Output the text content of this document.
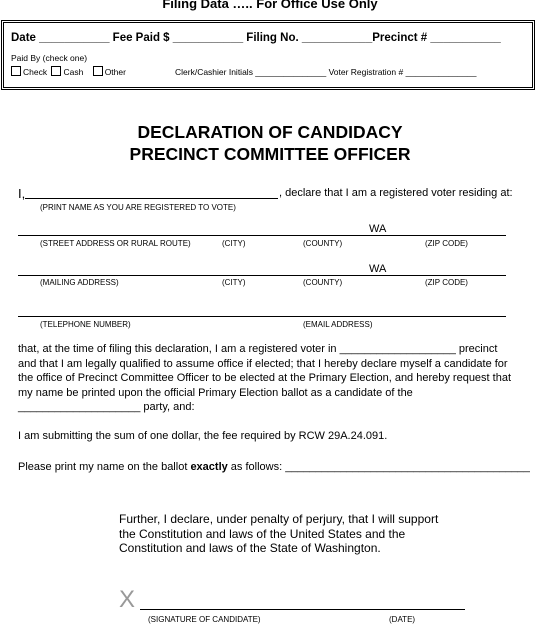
Filing Data ….. For Office Use Only
Date ___________ Fee Paid $ ___________ Filing No. ___________Precinct # ___________
Paid By (check one)
Check Cash	Other	Clerk/Cashier Initials _______________ Voter Registration # _______________
DECLARATION OF CANDIDACY
PRECINCT COMMITTEE OFFICER
I,	, declare that I am a registered voter residing at:
(PRINT NAME AS YOU ARE REGISTERED TO VOTE)
WA
(STREET ADDRESS OR RURAL ROUTE)	(CITY)	(COUNTY)	(ZIP CODE)
WA
(MAILING ADDRESS)	(CITY)	(COUNTY)	(ZIP CODE)
(TELEPHONE NUMBER)	(EMAIL ADDRESS)
that, at the time of filing this declaration, I am a registered voter in ___________________ precinct and that I am legally qualified to assume office if elected; that I hereby declare myself a candidate for the office of Precinct Committee Officer to be elected at the Primary Election, and hereby request that my name be printed upon the official Primary Election ballot as a candidate of the ____________________ party, and:
I am submitting the sum of one dollar, the fee required by RCW 29A.24.091.
Please print my name on the ballot exactly as follows: ________________________________________
Further, I declare, under penalty of perjury, that I will support the Constitution and laws of the United States and the Constitution and laws of the State of Washington.
X
(SIGNATURE OF CANDIDATE)	(DATE)
